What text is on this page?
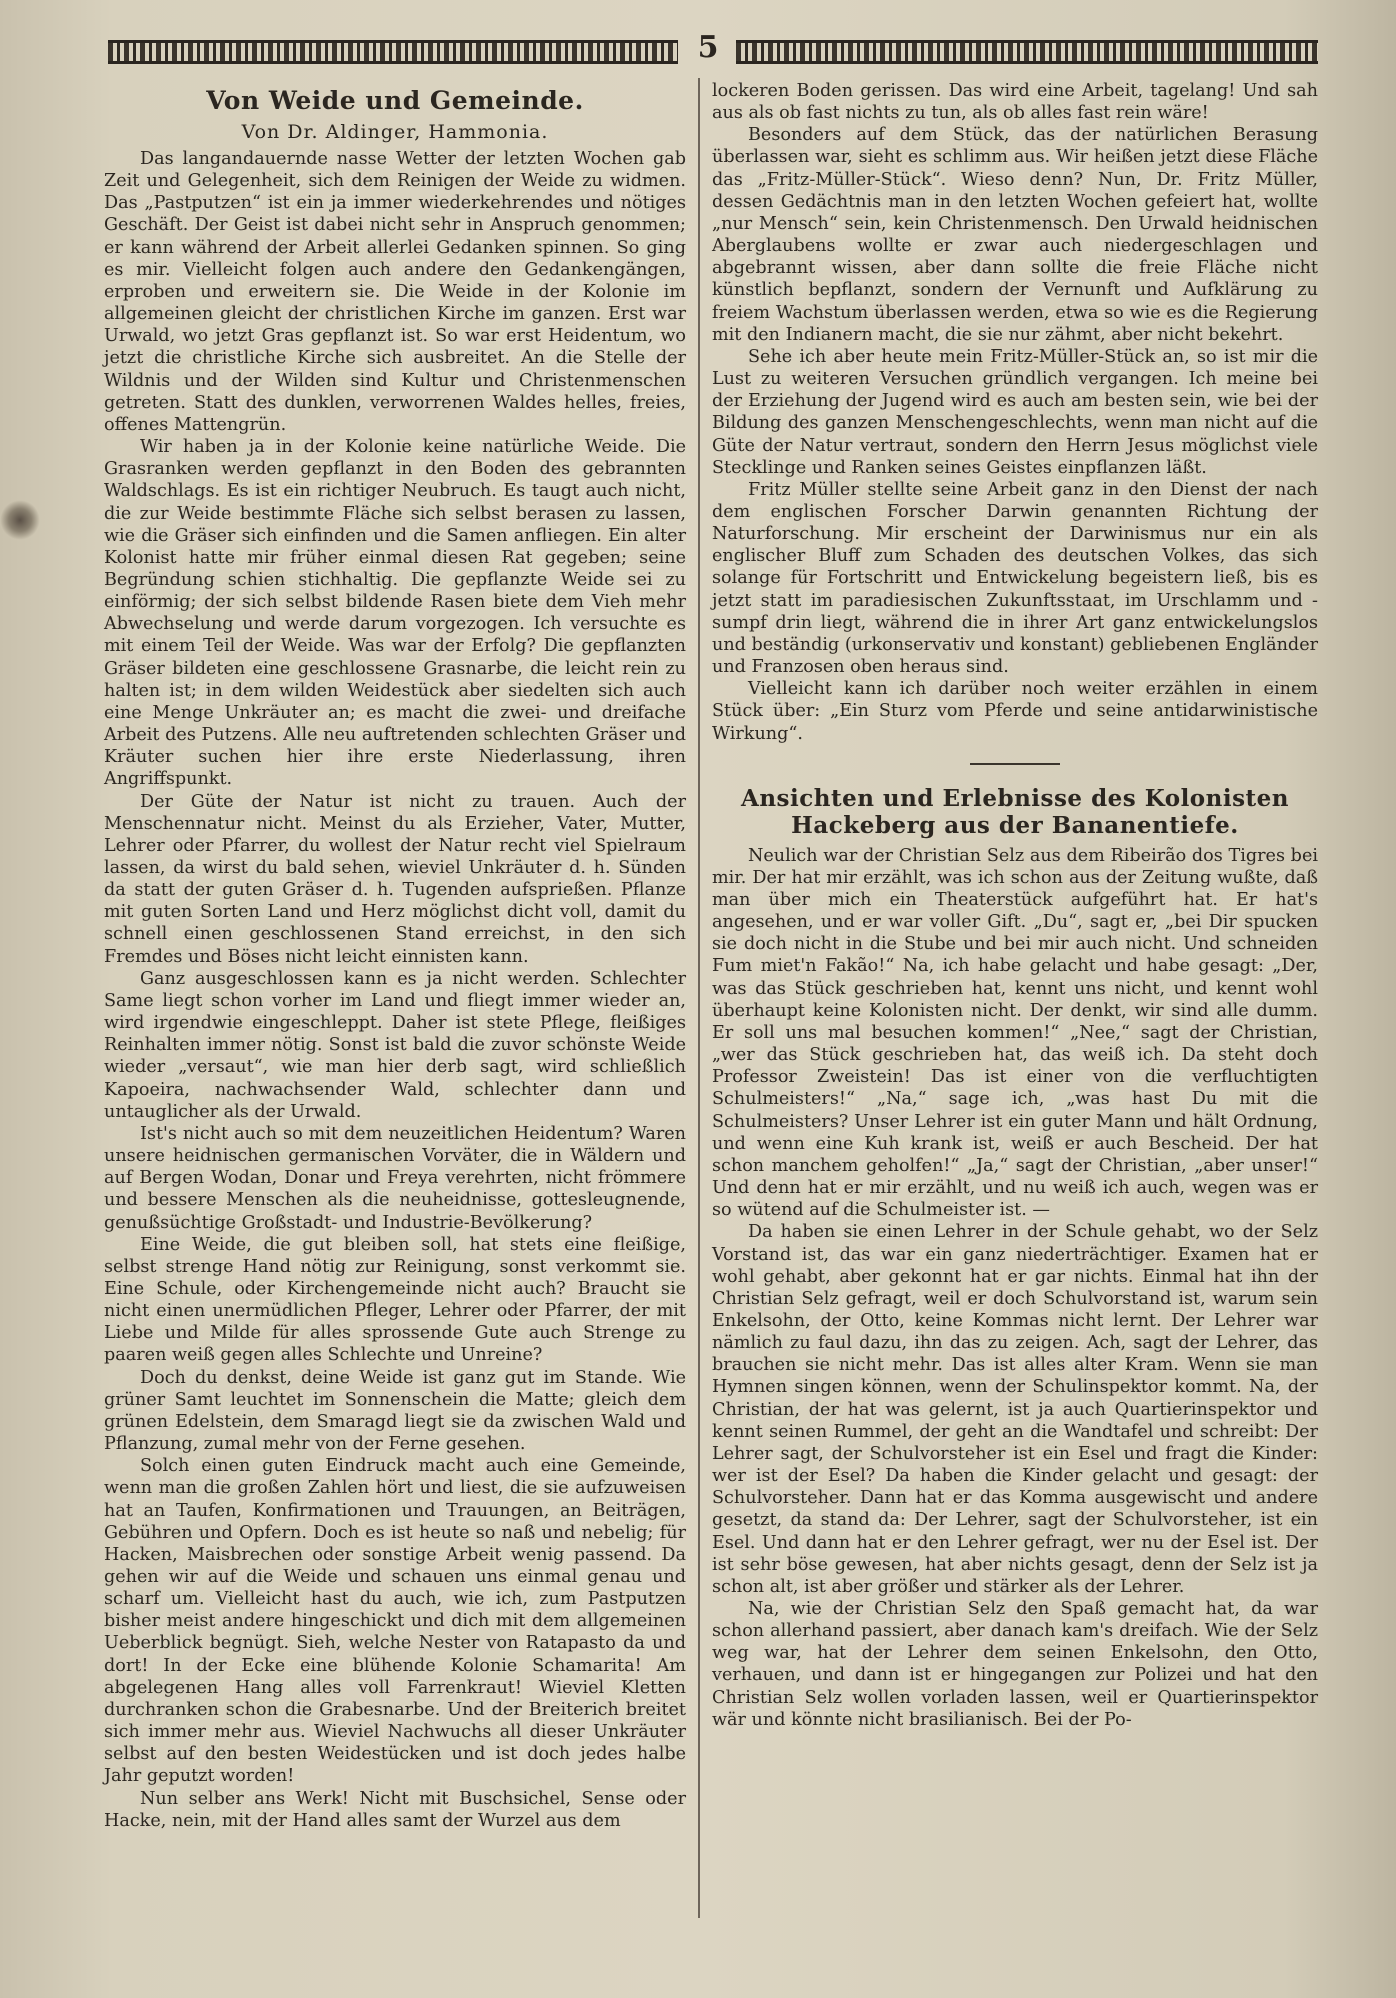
5
Von Weide und Gemeinde.
Von Dr. Aldinger, Hammonia.

Das langandauernde nasse Wetter der letzten Wochen gab Zeit und Gelegenheit, sich dem Reinigen der Weide zu widmen. Das „Pastputzen“ ist ein ja immer wiederkehrendes und nötiges Geschäft. Der Geist ist dabei nicht sehr in Anspruch genommen; er kann während der Arbeit allerlei Gedanken spinnen. So ging es mir. Vielleicht folgen auch andere den Gedankengängen, erproben und erweitern sie. Die Weide in der Kolonie im allgemeinen gleicht der christlichen Kirche im ganzen. Erst war Urwald, wo jetzt Gras gepflanzt ist. So war erst Heidentum, wo jetzt die christliche Kirche sich ausbreitet. An die Stelle der Wildnis und der Wilden sind Kultur und Christenmenschen getreten. Statt des dunklen, verworrenen Waldes helles, freies, offenes Mattengrün.

Wir haben ja in der Kolonie keine natürliche Weide. Die Grasranken werden gepflanzt in den Boden des gebrannten Waldschlags. Es ist ein richtiger Neubruch. Es taugt auch nicht, die zur Weide bestimmte Fläche sich selbst berasen zu lassen, wie die Gräser sich einfinden und die Samen anfliegen. Ein alter Kolonist hatte mir früher einmal diesen Rat gegeben; seine Begründung schien stichhaltig. Die gepflanzte Weide sei zu einförmig; der sich selbst bildende Rasen biete dem Vieh mehr Abwechselung und werde darum vorgezogen. Ich versuchte es mit einem Teil der Weide. Was war der Erfolg? Die gepflanzten Gräser bildeten eine geschlossene Grasnarbe, die leicht rein zu halten ist; in dem wilden Weidestück aber siedelten sich auch eine Menge Unkräuter an; es macht die zwei- und dreifache Arbeit des Putzens. Alle neu auftretenden schlechten Gräser und Kräuter suchen hier ihre erste Niederlassung, ihren Angriffspunkt.

Der Güte der Natur ist nicht zu trauen. Auch der Menschennatur nicht. Meinst du als Erzieher, Vater, Mutter, Lehrer oder Pfarrer, du wollest der Natur recht viel Spielraum lassen, da wirst du bald sehen, wieviel Unkräuter d. h. Sünden da statt der guten Gräser d. h. Tugenden aufsprießen. Pflanze mit guten Sorten Land und Herz möglichst dicht voll, damit du schnell einen geschlossenen Stand erreichst, in den sich Fremdes und Böses nicht leicht einnisten kann.

Ganz ausgeschlossen kann es ja nicht werden. Schlechter Same liegt schon vorher im Land und fliegt immer wieder an, wird irgendwie eingeschleppt. Daher ist stete Pflege, fleißiges Reinhalten immer nötig. Sonst ist bald die zuvor schönste Weide wieder „versaut“, wie man hier derb sagt, wird schließlich Kapoeira, nachwachsender Wald, schlechter dann und untauglicher als der Urwald.

Ist's nicht auch so mit dem neuzeitlichen Heidentum? Waren unsere heidnischen germanischen Vorväter, die in Wäldern und auf Bergen Wodan, Donar und Freya verehrten, nicht frömmere und bessere Menschen als die neuheidnisse, gottesleugnende, genußsüchtige Großstadt- und Industrie-Bevölkerung?

Eine Weide, die gut bleiben soll, hat stets eine fleißige, selbst strenge Hand nötig zur Reinigung, sonst verkommt sie. Eine Schule, oder Kirchengemeinde nicht auch? Braucht sie nicht einen unermüdlichen Pfleger, Lehrer oder Pfarrer, der mit Liebe und Milde für alles sprossende Gute auch Strenge zu paaren weiß gegen alles Schlechte und Unreine?

Doch du denkst, deine Weide ist ganz gut im Stande. Wie grüner Samt leuchtet im Sonnenschein die Matte; gleich dem grünen Edelstein, dem Smaragd liegt sie da zwischen Wald und Pflanzung, zumal mehr von der Ferne gesehen.

Solch einen guten Eindruck macht auch eine Gemeinde, wenn man die großen Zahlen hört und liest, die sie aufzuweisen hat an Taufen, Konfirmationen und Trauungen, an Beiträgen, Gebühren und Opfern. Doch es ist heute so naß und nebelig; für Hacken, Maisbrechen oder sonstige Arbeit wenig passend. Da gehen wir auf die Weide und schauen uns einmal genau und scharf um. Vielleicht hast du auch, wie ich, zum Pastputzen bisher meist andere hingeschickt und dich mit dem allgemeinen Ueberblick begnügt. Sieh, welche Nester von Ratapasto da und dort! In der Ecke eine blühende Kolonie Schamarita! Am abgelegenen Hang alles voll Farrenkraut! Wieviel Kletten durchranken schon die Grabesnarbe. Und der Breiterich breitet sich immer mehr aus. Wieviel Nachwuchs all dieser Unkräuter selbst auf den besten Weidestücken und ist doch jedes halbe Jahr geputzt worden!

Nun selber ans Werk! Nicht mit Buschsichel, Sense oder Hacke, nein, mit der Hand alles samt der Wurzel aus dem

lockeren Boden gerissen. Das wird eine Arbeit, tagelang! Und sah aus als ob fast nichts zu tun, als ob alles fast rein wäre!

Besonders auf dem Stück, das der natürlichen Berasung überlassen war, sieht es schlimm aus. Wir heißen jetzt diese Fläche das „Fritz-Müller-Stück“. Wieso denn? Nun, Dr. Fritz Müller, dessen Gedächtnis man in den letzten Wochen gefeiert hat, wollte „nur Mensch“ sein, kein Christenmensch. Den Urwald heidnischen Aberglaubens wollte er zwar auch niedergeschlagen und abgebrannt wissen, aber dann sollte die freie Fläche nicht künstlich bepflanzt, sondern der Vernunft und Aufklärung zu freiem Wachstum überlassen werden, etwa so wie es die Regierung mit den Indianern macht, die sie nur zähmt, aber nicht bekehrt.

Sehe ich aber heute mein Fritz-Müller-Stück an, so ist mir die Lust zu weiteren Versuchen gründlich vergangen. Ich meine bei der Erziehung der Jugend wird es auch am besten sein, wie bei der Bildung des ganzen Menschengeschlechts, wenn man nicht auf die Güte der Natur vertraut, sondern den Herrn Jesus möglichst viele Stecklinge und Ranken seines Geistes einpflanzen läßt.

Fritz Müller stellte seine Arbeit ganz in den Dienst der nach dem englischen Forscher Darwin genannten Richtung der Naturforschung. Mir erscheint der Darwinismus nur ein als englischer Bluff zum Schaden des deutschen Volkes, das sich solange für Fortschritt und Entwickelung begeistern ließ, bis es jetzt statt im paradiesischen Zukunftsstaat, im Urschlamm und -sumpf drin liegt, während die in ihrer Art ganz entwickelungslos und beständig (urkonservativ und konstant) gebliebenen Engländer und Franzosen oben heraus sind.

Vielleicht kann ich darüber noch weiter erzählen in einem Stück über: „Ein Sturz vom Pferde und seine antidarwinistische Wirkung“.

Ansichten und Erlebnisse des Kolonisten Hackeberg aus der Bananentiefe.

Neulich war der Christian Selz aus dem Ribeirão dos Tigres bei mir. Der hat mir erzählt, was ich schon aus der Zeitung wußte, daß man über mich ein Theaterstück aufgeführt hat. Er hat's angesehen, und er war voller Gift. „Du“, sagt er, „bei Dir spucken sie doch nicht in die Stube und bei mir auch nicht. Und schneiden Fum miet'n Fakão!“ Na, ich habe gelacht und habe gesagt: „Der, was das Stück geschrieben hat, kennt uns nicht, und kennt wohl überhaupt keine Kolonisten nicht. Der denkt, wir sind alle dumm. Er soll uns mal besuchen kommen!“ „Nee,“ sagt der Christian, „wer das Stück geschrieben hat, das weiß ich. Da steht doch Professor Zweistein! Das ist einer von die verfluchtigten Schulmeisters!“ „Na,“ sage ich, „was hast Du mit die Schulmeisters? Unser Lehrer ist ein guter Mann und hält Ordnung, und wenn eine Kuh krank ist, weiß er auch Bescheid. Der hat schon manchem geholfen!“ „Ja,“ sagt der Christian, „aber unser!“ Und denn hat er mir erzählt, und nu weiß ich auch, wegen was er so wütend auf die Schulmeister ist. —

Da haben sie einen Lehrer in der Schule gehabt, wo der Selz Vorstand ist, das war ein ganz niederträchtiger. Examen hat er wohl gehabt, aber gekonnt hat er gar nichts. Einmal hat ihn der Christian Selz gefragt, weil er doch Schulvorstand ist, warum sein Enkelsohn, der Otto, keine Kommas nicht lernt. Der Lehrer war nämlich zu faul dazu, ihn das zu zeigen. Ach, sagt der Lehrer, das brauchen sie nicht mehr. Das ist alles alter Kram. Wenn sie man Hymnen singen können, wenn der Schulinspektor kommt. Na, der Christian, der hat was gelernt, ist ja auch Quartierinspektor und kennt seinen Rummel, der geht an die Wandtafel und schreibt: Der Lehrer sagt, der Schulvorsteher ist ein Esel und fragt die Kinder: wer ist der Esel? Da haben die Kinder gelacht und gesagt: der Schulvorsteher. Dann hat er das Komma ausgewischt und andere gesetzt, da stand da: Der Lehrer, sagt der Schulvorsteher, ist ein Esel. Und dann hat er den Lehrer gefragt, wer nu der Esel ist. Der ist sehr böse gewesen, hat aber nichts gesagt, denn der Selz ist ja schon alt, ist aber größer und stärker als der Lehrer.

Na, wie der Christian Selz den Spaß gemacht hat, da war schon allerhand passiert, aber danach kam's dreifach. Wie der Selz weg war, hat der Lehrer dem seinen Enkelsohn, den Otto, verhauen, und dann ist er hingegangen zur Polizei und hat den Christian Selz wollen vorladen lassen, weil er Quartierinspektor wär und könnte nicht brasilianisch. Bei der Po-
